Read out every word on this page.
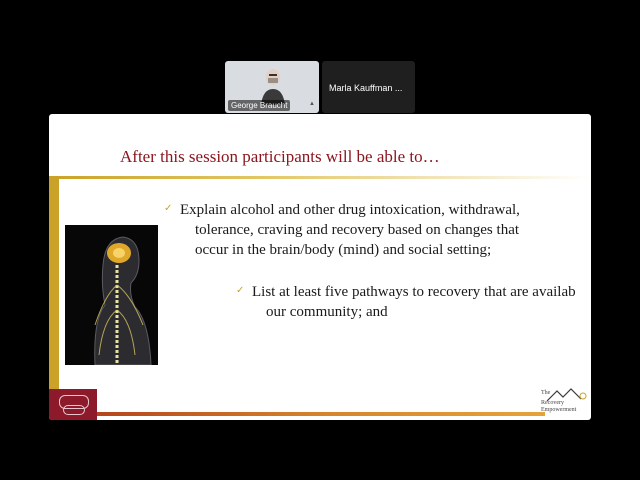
▲
George Braucht
Marla Kauffman ...
After this session participants will be able to…
✓ Explain alcohol and other drug intoxication, withdrawal,
tolerance, craving and recovery based on changes that
occur in the brain/body (mind) and social setting;
✓ List at least five pathways to recovery that are availab
our community; and
The
Recovery
Empowerment
